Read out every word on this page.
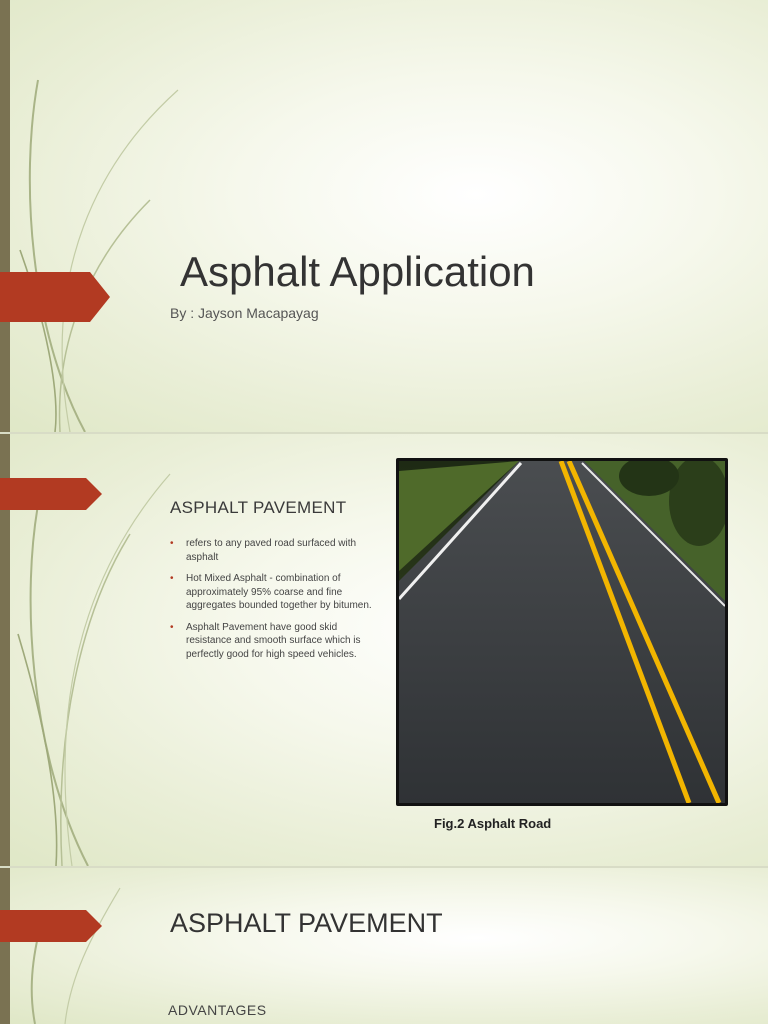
Asphalt Application
By : Jayson Macapayag
ASPHALT PAVEMENT
• refers to any paved road surfaced with asphalt
• Hot Mixed Asphalt - combination of approximately 95% coarse and fine aggregates bounded together by bitumen.
• Asphalt Pavement have good skid resistance and smooth surface which is perfectly good for high speed vehicles.
Fig.2 Asphalt Road
ASPHALT PAVEMENT
ADVANTAGES
